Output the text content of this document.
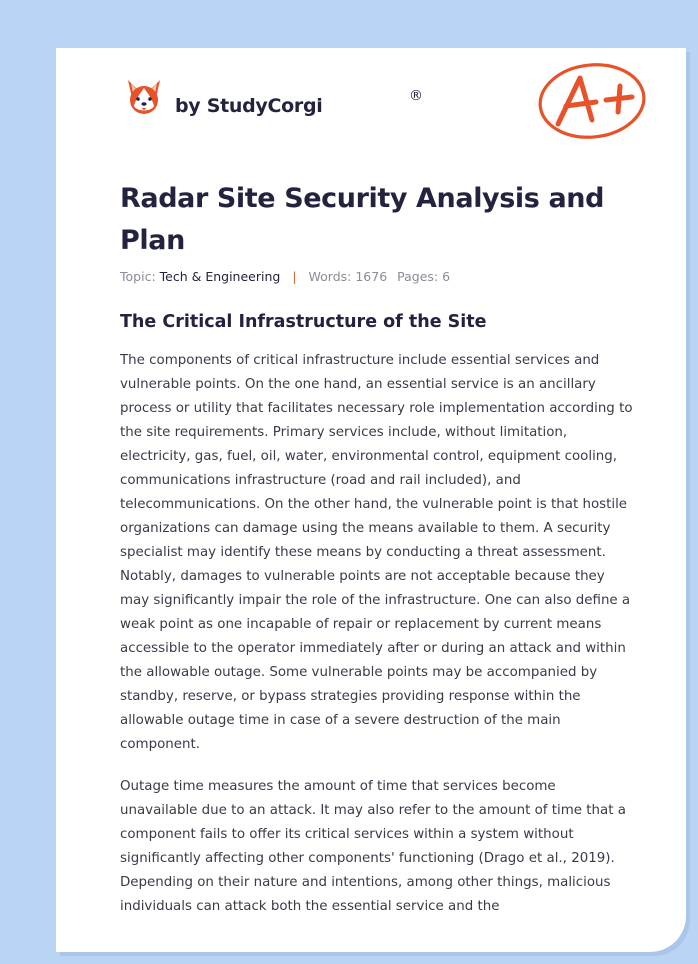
by StudyCorgi	®
Radar Site Security Analysis and Plan
Topic: Tech & Engineering | Words: 1676 Pages: 6
The Critical Infrastructure of the Site

The components of critical infrastructure include essential services and vulnerable points. On the one hand, an essential service is an ancillary process or utility that facilitates necessary role implementation according to the site requirements. Primary services include, without limitation, electricity, gas, fuel, oil, water, environmental control, equipment cooling, communications infrastructure (road and rail included), and telecommunications. On the other hand, the vulnerable point is that hostile organizations can damage using the means available to them. A security specialist may identify these means by conducting a threat assessment. Notably, damages to vulnerable points are not acceptable because they may significantly impair the role of the infrastructure. One can also define a weak point as one incapable of repair or replacement by current means accessible to the operator immediately after or during an attack and within the allowable outage. Some vulnerable points may be accompanied by standby, reserve, or bypass strategies providing response within the allowable outage time in case of a severe destruction of the main component.

Outage time measures the amount of time that services become unavailable due to an attack. It may also refer to the amount of time that a component fails to offer its critical services within a system without significantly affecting other components' functioning (Drago et al., 2019). Depending on their nature and intentions, among other things, malicious individuals can attack both the essential service and the
